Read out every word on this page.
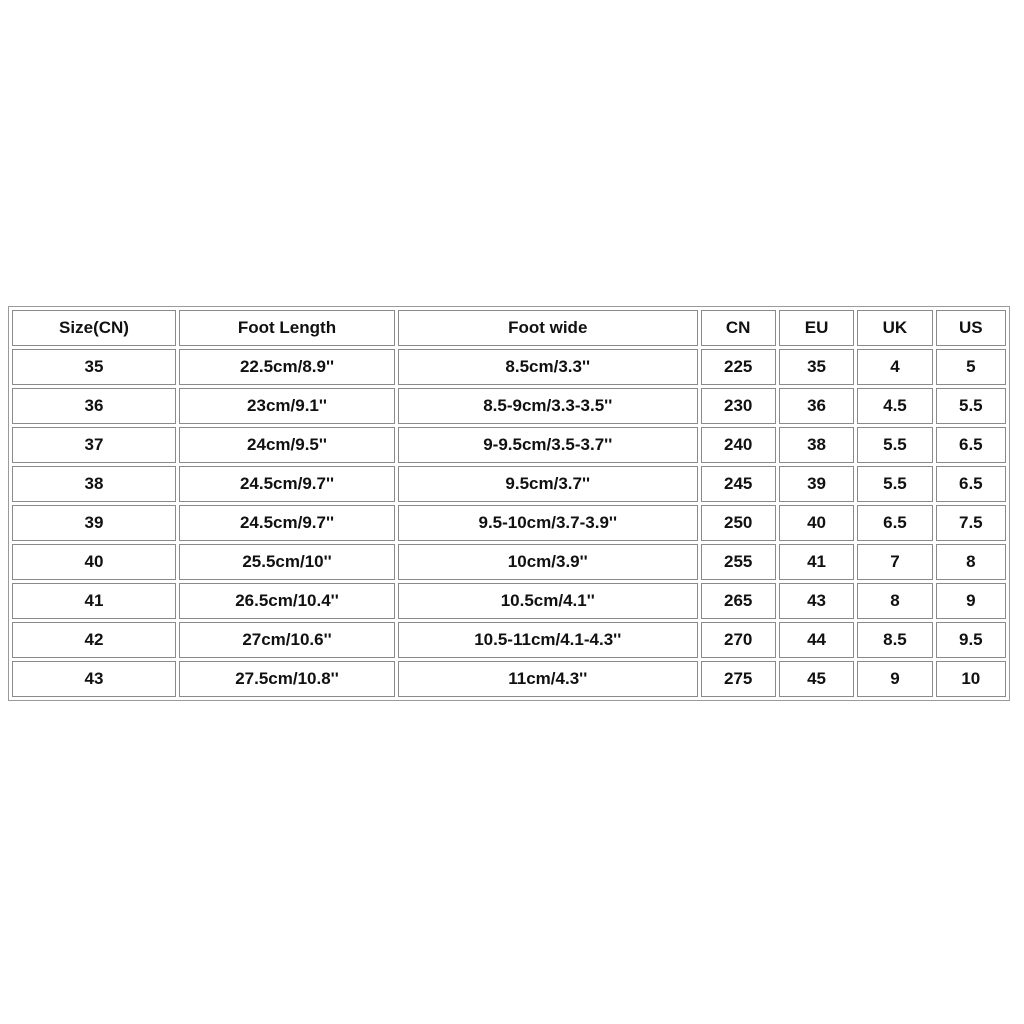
Size(CN)	Foot Length	Foot wide	CN	EU	UK	US
35	22.5cm/8.9''	8.5cm/3.3''	225	35	4	5
36	23cm/9.1''	8.5-9cm/3.3-3.5''	230	36	4.5	5.5
37	24cm/9.5''	9-9.5cm/3.5-3.7''	240	38	5.5	6.5
38	24.5cm/9.7''	9.5cm/3.7''	245	39	5.5	6.5
39	24.5cm/9.7''	9.5-10cm/3.7-3.9''	250	40	6.5	7.5
40	25.5cm/10''	10cm/3.9''	255	41	7	8
41	26.5cm/10.4''	10.5cm/4.1''	265	43	8	9
42	27cm/10.6''	10.5-11cm/4.1-4.3''	270	44	8.5	9.5
43	27.5cm/10.8''	11cm/4.3''	275	45	9	10
